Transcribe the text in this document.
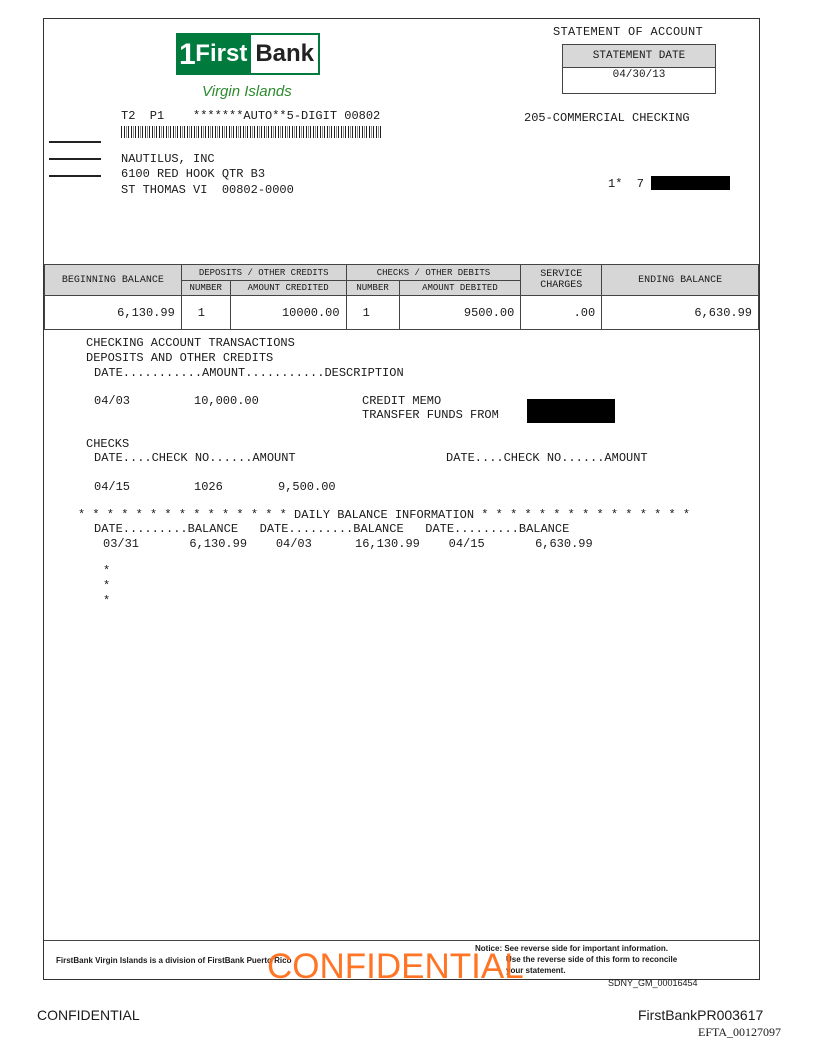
1 First Bank
Virgin Islands
STATEMENT OF ACCOUNT
STATEMENT DATE
04/30/13
T2  P1    *******AUTO**5-DIGIT 00802
NAUTILUS, INC
6100 RED HOOK QTR B3
ST THOMAS VI  00802-0000
205-COMMERCIAL CHECKING
1*  7
BEGINNING BALANCE	DEPOSITS / OTHER CREDITS		CHECKS / OTHER DEBITS		SERVICE CHARGES	ENDING BALANCE
	NUMBER	AMOUNT CREDITED	NUMBER	AMOUNT DEBITED		
6,130.99	1	10000.00	1	9500.00	.00	6,630.99
CHECKING ACCOUNT TRANSACTIONS
DEPOSITS AND OTHER CREDITS
DATE...........AMOUNT...........DESCRIPTION
04/03	10,000.00	CREDIT MEMO
TRANSFER FUNDS FROM
CHECKS
DATE....CHECK NO......AMOUNT	DATE....CHECK NO......AMOUNT
04/15	1026	9,500.00
* * * * * * * * * * * * * * * DAILY BALANCE INFORMATION * * * * * * * * * * * * * * *
DATE.........BALANCE   DATE.........BALANCE   DATE.........BALANCE
03/31       6,130.99    04/03      16,130.99    04/15       6,630.99
*
*
*
FirstBank Virgin Islands is a division of FirstBank Puerto Rico
Notice: See reverse side for important information.
Use the reverse side of this form to reconcile
your statement.
CONFIDENTIAL	SDNY_GM_00016454
CONFIDENTIAL	FirstBankPR003617
EFTA_00127097
